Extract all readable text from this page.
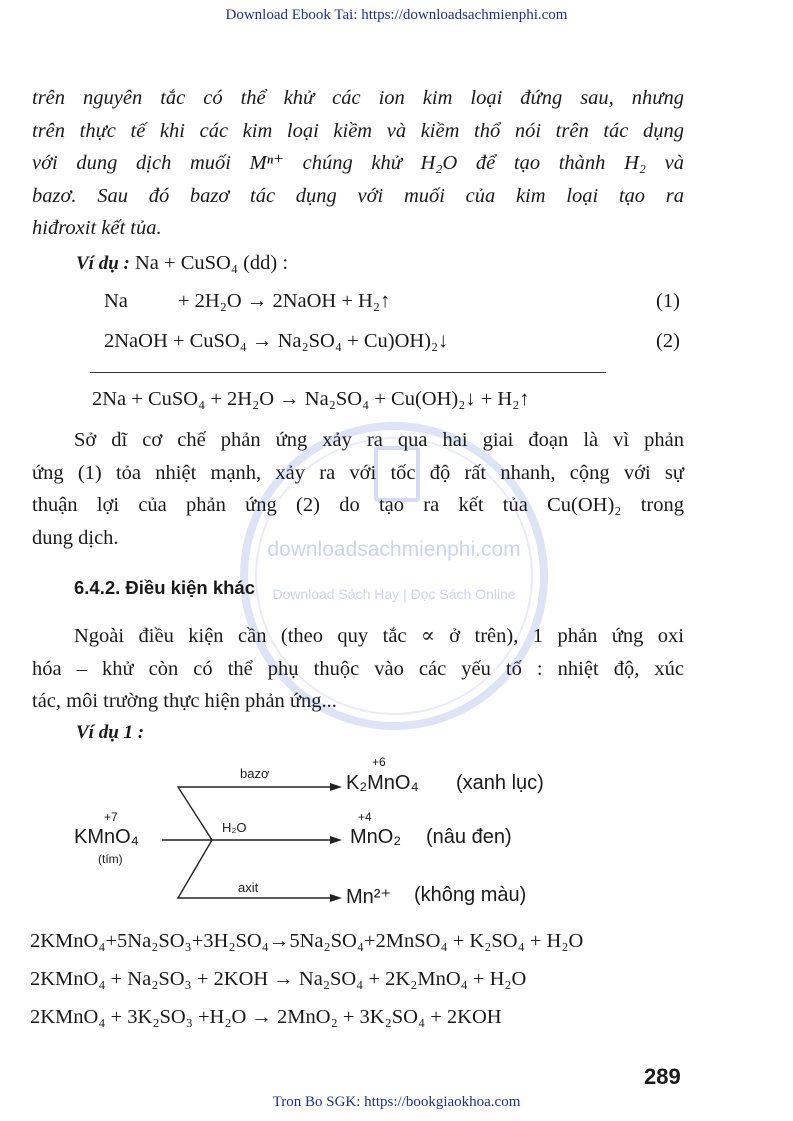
Download Ebook Tai: https://downloadsachmienphi.com
downloadsachmienphi.com
Download Sách Hay | Đọc Sách Online
trên nguyên tắc có thể khử các ion kim loại đứng sau, nhưng
trên thực tế khi các kim loại kiềm và kiềm thổ nói trên tác dụng
với dung dịch muối Mⁿ⁺ chúng khử H₂O để tạo thành H₂ và
bazơ. Sau đó bazơ tác dụng với muối của kim loại tạo ra
hiđroxit kết tủa.
Ví dụ : Na + CuSO₄ (dd) :
Na + 2H₂O → 2NaOH + H₂↑	(1)
2NaOH + CuSO₄ → Na₂SO₄ + Cu)OH)₂↓	(2)
2Na + CuSO₄ + 2H₂O → Na₂SO₄ + Cu(OH)₂↓ + H₂↑
Sở dĩ cơ chế phản ứng xảy ra qua hai giai đoạn là vì phản
ứng (1) tỏa nhiệt mạnh, xảy ra với tốc độ rất nhanh, cộng với sự
thuận lợi của phản ứng (2) do tạo ra kết tủa Cu(OH)₂ trong
dung dịch.
6.4.2. Điều kiện khác
Ngoài điều kiện cần (theo quy tắc ∝ ở trên), 1 phản ứng oxi
hóa – khử còn có thể phụ thuộc vào các yếu tố : nhiệt độ, xúc
tác, môi trường thực hiện phản ứng...
Ví dụ 1 :
+7
KMnO₄
(tím)
bazơ
+6
K₂MnO₄ (xanh lục)
H₂O
+4
MnO₂ (nâu đen)
axit	Mn²⁺ (không màu)
2KMnO₄+5Na₂SO₃+3H₂SO₄→5Na₂SO₄+2MnSO₄ + K₂SO₄ + H₂O
2KMnO₄ + Na₂SO₃ + 2KOH → Na₂SO₄ + 2K₂MnO₄ + H₂O
2KMnO₄ + 3K₂SO₃ +H₂O → 2MnO₂ + 3K₂SO₄ + 2KOH
289
Tron Bo SGK: https://bookgiaokhoa.com
